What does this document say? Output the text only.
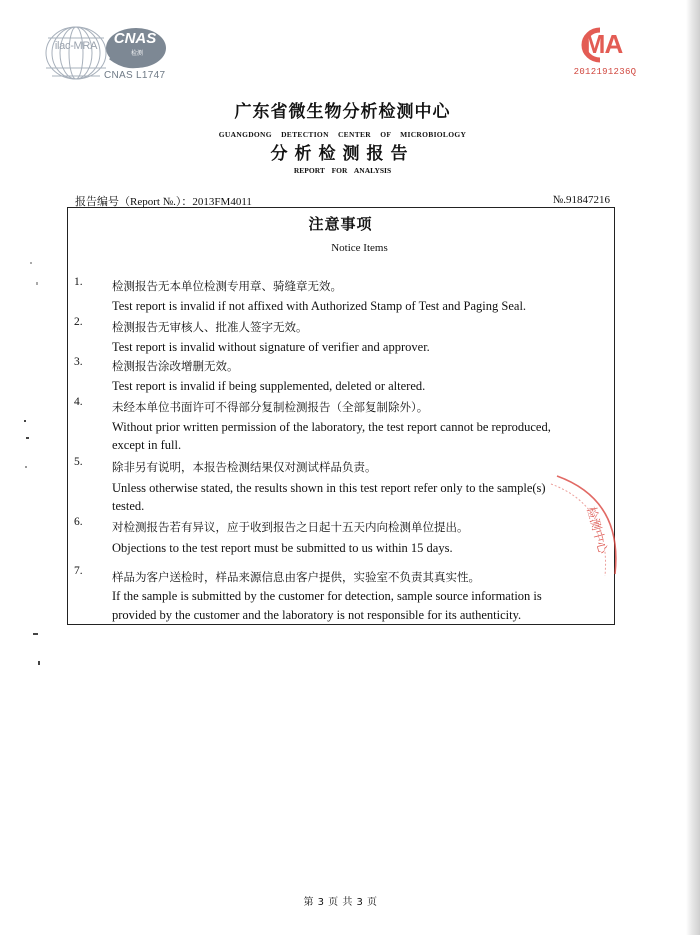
ilac-MRA	CNAS
检测
CNAS L1747
MA
2012191236Q
广东省微生物分析检测中心
GUANGDONG DETECTION CENTER OF MICROBIOLOGY
分析检测报告
REPORT FOR ANALYSIS
报告编号（Report №.）：2013FM4011	№.91847216
注意事项
Notice Items
1.	检测报告无本单位检测专用章、骑缝章无效。
Test report is invalid if not affixed with Authorized Stamp of Test and Paging Seal.
2.	检测报告无审核人、批准人签字无效。
Test report is invalid without signature of verifier and approver.
3.	检测报告涂改增删无效。
Test report is invalid if being supplemented, deleted or altered.
4.	未经本单位书面许可不得部分复制检测报告（全部复制除外）。
Without prior written permission of the laboratory, the test report cannot be reproduced,
except in full.
5.	除非另有说明，本报告检测结果仅对测试样品负责。
Unless otherwise stated, the results shown in this test report refer only to the sample(s)
tested.
6.	对检测报告若有异议，应于收到报告之日起十五天内向检测单位提出。
Objections to the test report must be submitted to us within 15 days.
7.	样品为客户送检时，样品来源信息由客户提供，实验室不负责其真实性。
If the sample is submitted by the customer for detection, sample source information is
provided by the customer and the laboratory is not responsible for its authenticity.
检测中心
第 3 页 共 3 页
